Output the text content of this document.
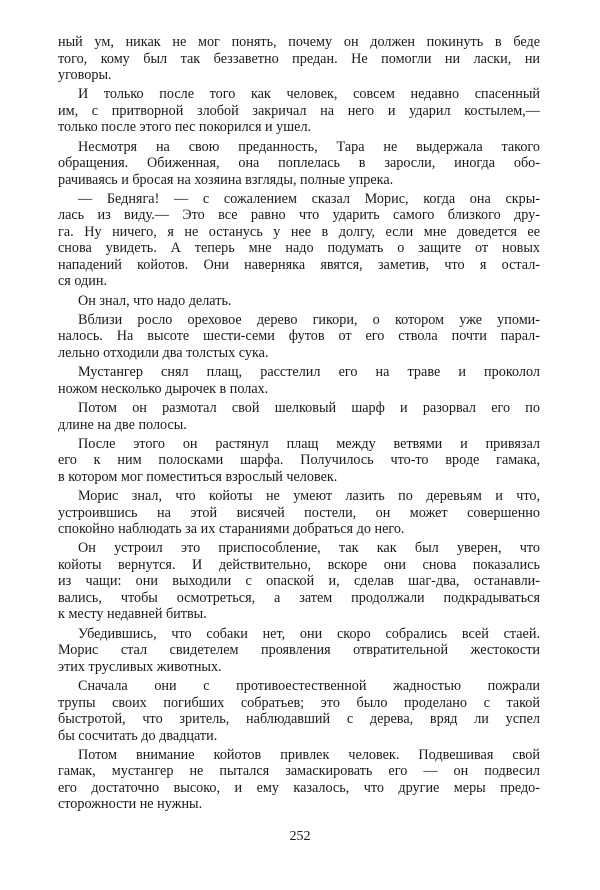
ный ум, никак не мог понять, почему он должен покинуть в беде
того, кому был так беззаветно предан. Не помогли ни ласки, ни
уговоры.
И только после того как человек, совсем недавно спасенный
им, с притворной злобой закричал на него и ударил костылем,—
только после этого пес покорился и ушел.
Несмотря на свою преданность, Тара не выдержала такого
обращения. Обиженная, она поплелась в заросли, иногда обо-
рачиваясь и бросая на хозяина взгляды, полные упрека.
— Бедняга! — с сожалением сказал Морис, когда она скры-
лась из виду.— Это все равно что ударить самого близкого дру-
га. Ну ничего, я не останусь у нее в долгу, если мне доведется ее
снова увидеть. А теперь мне надо подумать о защите от новых
нападений койотов. Они наверняка явятся, заметив, что я остал-
ся один.
Он знал, что надо делать.
Вблизи росло ореховое дерево гикори, о котором уже упоми-
налось. На высоте шести-семи футов от его ствола почти парал-
лельно отходили два толстых сука.
Мустангер снял плащ, расстелил его на траве и проколол
ножом несколько дырочек в полах.
Потом он размотал свой шелковый шарф и разорвал его по
длине на две полосы.
После этого он растянул плащ между ветвями и привязал
его к ним полосками шарфа. Получилось что-то вроде гамака,
в котором мог поместиться взрослый человек.
Морис знал, что койоты не умеют лазить по деревьям и что,
устроившись на этой висячей постели, он может совершенно
спокойно наблюдать за их стараниями добраться до него.
Он устроил это приспособление, так как был уверен, что
койоты вернутся. И действительно, вскоре они снова показались
из чащи: они выходили с опаской и, сделав шаг-два, останавли-
вались, чтобы осмотреться, а затем продолжали подкрадываться
к месту недавней битвы.
Убедившись, что собаки нет, они скоро собрались всей стаей.
Морис стал свидетелем проявления отвратительной жестокости
этих трусливых животных.
Сначала они с противоестественной жадностью пожрали
трупы своих погибших собратьев; это было проделано с такой
быстротой, что зритель, наблюдавший с дерева, вряд ли успел
бы сосчитать до двадцати.
Потом внимание койотов привлек человек. Подвешивая свой
гамак, мустангер не пытался замаскировать его — он подвесил
его достаточно высоко, и ему казалось, что другие меры предо-
сторожности не нужны.
252
